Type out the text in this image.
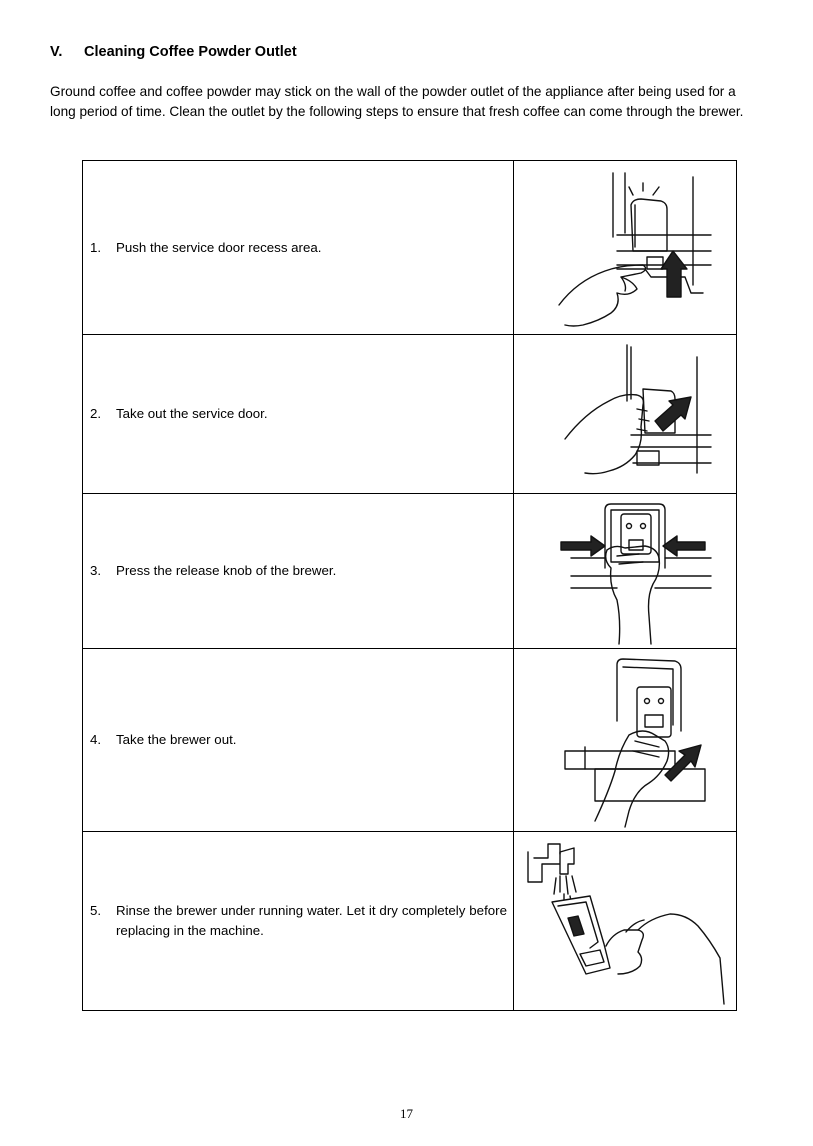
V. Cleaning Coffee Powder Outlet

Ground coffee and coffee powder may stick on the wall of the powder outlet of the appliance after being used for a long period of time. Clean the outlet by the following steps to ensure that fresh coffee can come through the brewer.

1. Push the service door recess area.

2. Take out the service door.

3. Press the release knob of the brewer.

4. Take the brewer out.

5. Rinse the brewer under running water. Let it dry completely before replacing in the machine.

17
